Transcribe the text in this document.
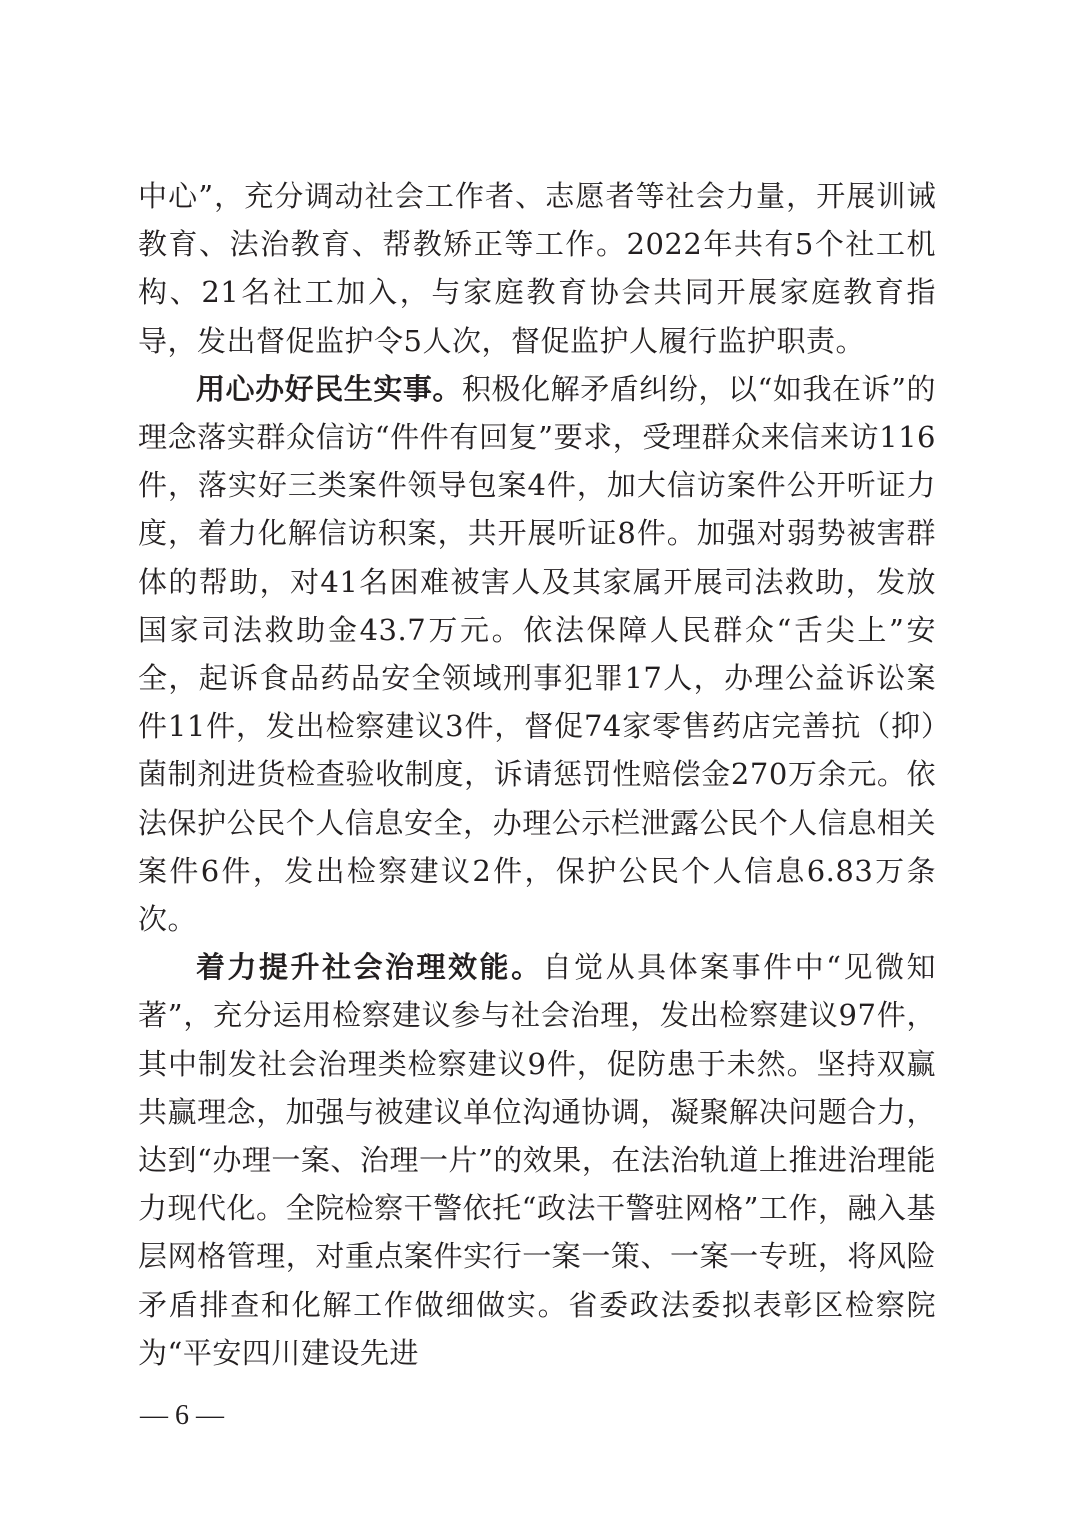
中心”，充分调动社会工作者、志愿者等社会力量，开展训诫教育、法治教育、帮教矫正等工作。2022年共有5个社工机构、21名社工加入，与家庭教育协会共同开展家庭教育指导，发出督促监护令5人次，督促监护人履行监护职责。

用心办好民生实事。积极化解矛盾纠纷，以“如我在诉”的理念落实群众信访“件件有回复”要求，受理群众来信来访116件，落实好三类案件领导包案4件，加大信访案件公开听证力度，着力化解信访积案，共开展听证8件。加强对弱势被害群体的帮助，对41名困难被害人及其家属开展司法救助，发放国家司法救助金43.7万元。依法保障人民群众“舌尖上”安全，起诉食品药品安全领域刑事犯罪17人，办理公益诉讼案件11件，发出检察建议3件，督促74家零售药店完善抗（抑）菌制剂进货检查验收制度，诉请惩罚性赔偿金270万余元。依法保护公民个人信息安全，办理公示栏泄露公民个人信息相关案件6件，发出检察建议2件，保护公民个人信息6.83万条次。

着力提升社会治理效能。自觉从具体案事件中“见微知著”，充分运用检察建议参与社会治理，发出检察建议97件，其中制发社会治理类检察建议9件，促防患于未然。坚持双赢共赢理念，加强与被建议单位沟通协调，凝聚解决问题合力，达到“办理一案、治理一片”的效果，在法治轨道上推进治理能力现代化。全院检察干警依托“政法干警驻网格”工作，融入基层网格管理，对重点案件实行一案一策、一案一专班，将风险矛盾排查和化解工作做细做实。省委政法委拟表彰区检察院为“平安四川建设先进

— 6 —
